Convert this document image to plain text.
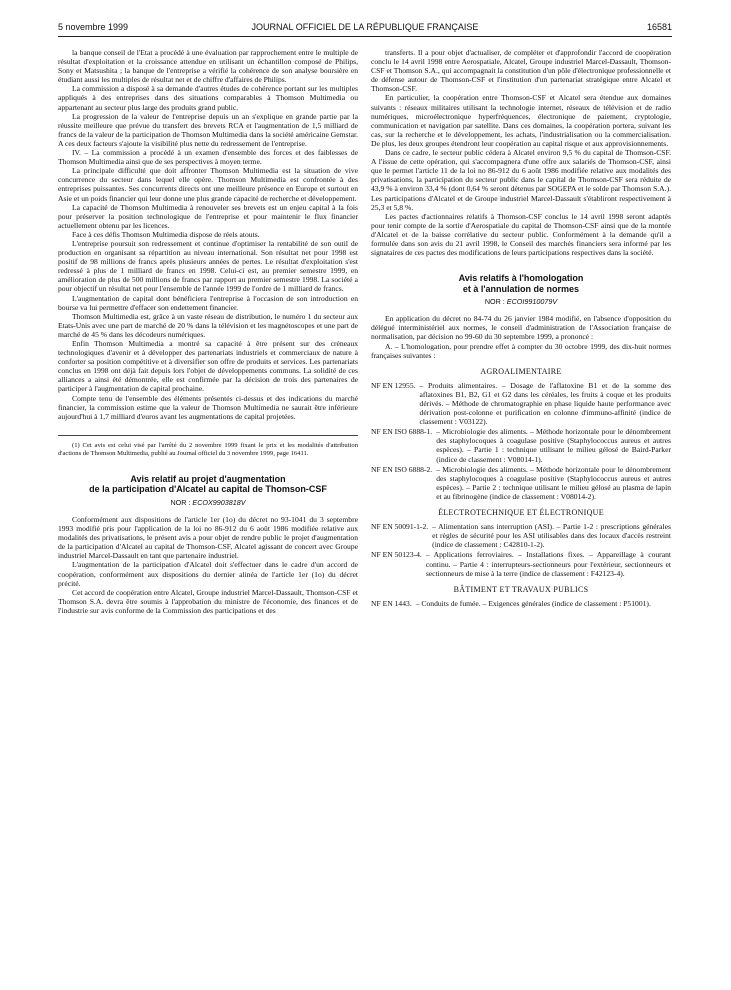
5 novembre 1999	JOURNAL OFFICIEL DE LA RÉPUBLIQUE FRANÇAISE	16581

la banque conseil de l'Etat a procédé à une évaluation par rapprochement entre le multiple de résultat d'exploitation et la croissance attendue en utilisant un échantillon composé de Philips, Sony et Matsushita ; la banque de l'entreprise a vérifié la cohérence de son analyse boursière en étudiant aussi les multiples de résultat net et de chiffre d'affaires de Philips.

La commission a disposé à sa demande d'autres études de cohérence portant sur les multiples appliqués à des entreprises dans des situations comparables à Thomson Multimedia ou appartenant au secteur plus large des produits grand public.

La progression de la valeur de l'entreprise depuis un an s'explique en grande partie par la réussite meilleure que prévue du transfert des brevets RCA et l'augmentation de 1,5 milliard de francs de la valeur de la participation de Thomson Multimedia dans la société américaine Gemstar. A ces deux facteurs s'ajoute la visibilité plus nette du redressement de l'entreprise.

IV. – La commission a procédé à un examen d'ensemble des forces et des faiblesses de Thomson Multimedia ainsi que de ses perspectives à moyen terme.

La principale difficulté que doit affronter Thomson Multimedia est la situation de vive concurrence du secteur dans lequel elle opère. Thomson Multimedia est confrontée à des entreprises puissantes. Ses concurrents directs ont une meilleure présence en Europe et surtout en Asie et un poids financier qui leur donne une plus grande capacité de recherche et développement.

La capacité de Thomson Multimedia à renouveler ses brevets est un enjeu capital à la fois pour préserver la position technologique de l'entreprise et pour maintenir le flux financier actuellement obtenu par les licences.

Face à ces défis Thomson Multimedia dispose de réels atouts.

L'entreprise poursuit son redressement et continue d'optimiser la rentabilité de son outil de production en organisant sa répartition au niveau international. Son résultat net pour 1998 est positif de 98 millions de francs après plusieurs années de pertes. Le résultat d'exploitation s'est redressé à plus de 1 milliard de francs en 1998. Celui-ci est, au premier semestre 1999, en amélioration de plus de 500 millions de francs par rapport au premier semestre 1998. La société a pour objectif un résultat net pour l'ensemble de l'année 1999 de l'ordre de 1 milliard de francs.

L'augmentation de capital dont bénéficiera l'entreprise à l'occasion de son introduction en bourse va lui permettre d'effacer son endettement financier.

Thomson Multimedia est, grâce à un vaste réseau de distribution, le numéro 1 du secteur aux Etats-Unis avec une part de marché de 20 % dans la télévision et les magnétoscopes et une part de marché de 45 % dans les décodeurs numériques.

Enfin Thomson Multimedia a montré sa capacité à être présent sur des créneaux technologiques d'avenir et à développer des partenariats industriels et commerciaux de nature à conforter sa position compétitive et à diversifier son offre de produits et services. Les partenariats conclus en 1998 ont déjà fait depuis lors l'objet de développements communs. La solidité de ces alliances a ainsi été démontrée, elle est confirmée par la décision de trois des partenaires de participer à l'augmentation de capital prochaine.

Compte tenu de l'ensemble des éléments présentés ci-dessus et des indications du marché financier, la commission estime que la valeur de Thomson Multimedia ne saurait être inférieure aujourd'hui à 1,7 milliard d'euros avant les augmentations de capital projetées.

(1) Cet avis est celui visé par l'arrêté du 2 novembre 1999 fixant le prix et les modalités d'attribution d'actions de Thomson Multimedia, publié au Journal officiel du 3 novembre 1999, page 16411.

Avis relatif au projet d'augmentation
de la participation d'Alcatel au capital de Thomson-CSF
NOR : ECOX9903818V

Conformément aux dispositions de l'article 1er (1o) du décret no 93-1041 du 3 septembre 1993 modifié pris pour l'application de la loi no 86-912 du 6 août 1986 modifiée relative aux modalités des privatisations, le présent avis a pour objet de rendre public le projet d'augmentation de la participation d'Alcatel au capital de Thomson-CSF, Alcatel agissant de concert avec Groupe industriel Marcel-Dassault en tant que partenaire industriel.

L'augmentation de la participation d'Alcatel doit s'effectuer dans le cadre d'un accord de coopération, conformément aux dispositions du dernier alinéa de l'article 1er (1o) du décret précité.

Cet accord de coopération entre Alcatel, Groupe industriel Marcel-Dassault, Thomson-CSF et Thomson S.A. devra être soumis à l'approbation du ministre de l'économie, des finances et de l'industrie sur avis conforme de la Commission des participations et des

transferts. Il a pour objet d'actualiser, de compléter et d'approfondir l'accord de coopération conclu le 14 avril 1998 entre Aerospatiale, Alcatel, Groupe industriel Marcel-Dassault, Thomson-CSF et Thomson S.A., qui accompagnait la constitution d'un pôle d'électronique professionnelle et de défense autour de Thomson-CSF et l'institution d'un partenariat stratégique entre Alcatel et Thomson-CSF.

En particulier, la coopération entre Thomson-CSF et Alcatel sera étendue aux domaines suivants : réseaux militaires utilisant la technologie internet, réseaux de télévision et de radio numériques, microélectronique hyperfréquences, électronique de paiement, cryptologie, communication et navigation par satellite. Dans ces domaines, la coopération portera, suivant les cas, sur la recherche et le développement, les achats, l'industrialisation ou la commercialisation. De plus, les deux groupes étendront leur coopération au capital risque et aux approvisionnements.

Dans ce cadre, le secteur public cédera à Alcatel environ 9,5 % du capital de Thomson-CSF. A l'issue de cette opération, qui s'accompagnera d'une offre aux salariés de Thomson-CSF, ainsi que le permet l'article 11 de la loi no 86-912 du 6 août 1986 modifiée relative aux modalités des privatisations, la participation du secteur public dans le capital de Thomson-CSF sera réduite de 43,9 % à environ 33,4 % (dont 0,64 % seront détenus par SOGEPA et le solde par Thomson S.A.). Les participations d'Alcatel et de Groupe industriel Marcel-Dassault s'établiront respectivement à 25,3 et 5,8 %.

Les pactes d'actionnaires relatifs à Thomson-CSF conclus le 14 avril 1998 seront adaptés pour tenir compte de la sortie d'Aerospatiale du capital de Thomson-CSF ainsi que de la montée d'Alcatel et de la baisse corrélative du secteur public. Conformément à la demande qu'il a formulée dans son avis du 21 avril 1998, le Conseil des marchés financiers sera informé par les signataires de ces pactes des modifications de leurs participations respectives dans la société.

Avis relatifs à l'homologation
et à l'annulation de normes
NOR : ECOI9910079V

En application du décret no 84-74 du 26 janvier 1984 modifié, en l'absence d'opposition du délégué interministériel aux normes, le conseil d'administration de l'Association française de normalisation, par décision no 99-60 du 30 septembre 1999, a prononcé :

A. – L'homologation, pour prendre effet à compter du 30 octobre 1999, des dix-huit normes françaises suivantes :

AGROALIMENTAIRE
NF EN 12955. – Produits alimentaires. – Dosage de l'aflatoxine B1 et de la somme des aflatoxines B1, B2, G1 et G2 dans les céréales, les fruits à coque et les produits dérivés. – Méthode de chromatographie en phase liquide haute performance avec dérivation post-colonne et purification en colonne d'immuno-affinité (indice de classement : V03122).
NF EN ISO 6888-1. – Microbiologie des aliments. – Méthode horizontale pour le dénombrement des staphylocoques à coagulase positive (Staphylococcus aureus et autres espèces). – Partie 1 : technique utilisant le milieu gélosé de Baird-Parker (indice de classement : V08014-1).
NF EN ISO 6888-2. – Microbiologie des aliments. – Méthode horizontale pour le dénombrement des staphylocoques à coagulase positive (Staphylococcus aureus et autres espèces). – Partie 2 : technique utilisant le milieu gélosé au plasma de lapin et au fibrinogène (indice de classement : V08014-2).
ÉLECTROTECHNIQUE ET ÉLECTRONIQUE
NF EN 50091-1-2. – Alimentation sans interruption (ASI). – Partie 1-2 : prescriptions générales et règles de sécurité pour les ASI utilisables dans des locaux d'accès restreint (indice de classement : C42810-1-2).
NF EN 50123-4. – Applications ferroviaires. – Installations fixes. – Appareillage à courant continu. – Partie 4 : interrupteurs-sectionneurs pour l'extérieur, sectionneurs et sectionneurs de mise à la terre (indice de classement : F42123-4).
BÂTIMENT ET TRAVAUX PUBLICS
NF EN 1443. – Conduits de fumée. – Exigences générales (indice de classement : P51001).
